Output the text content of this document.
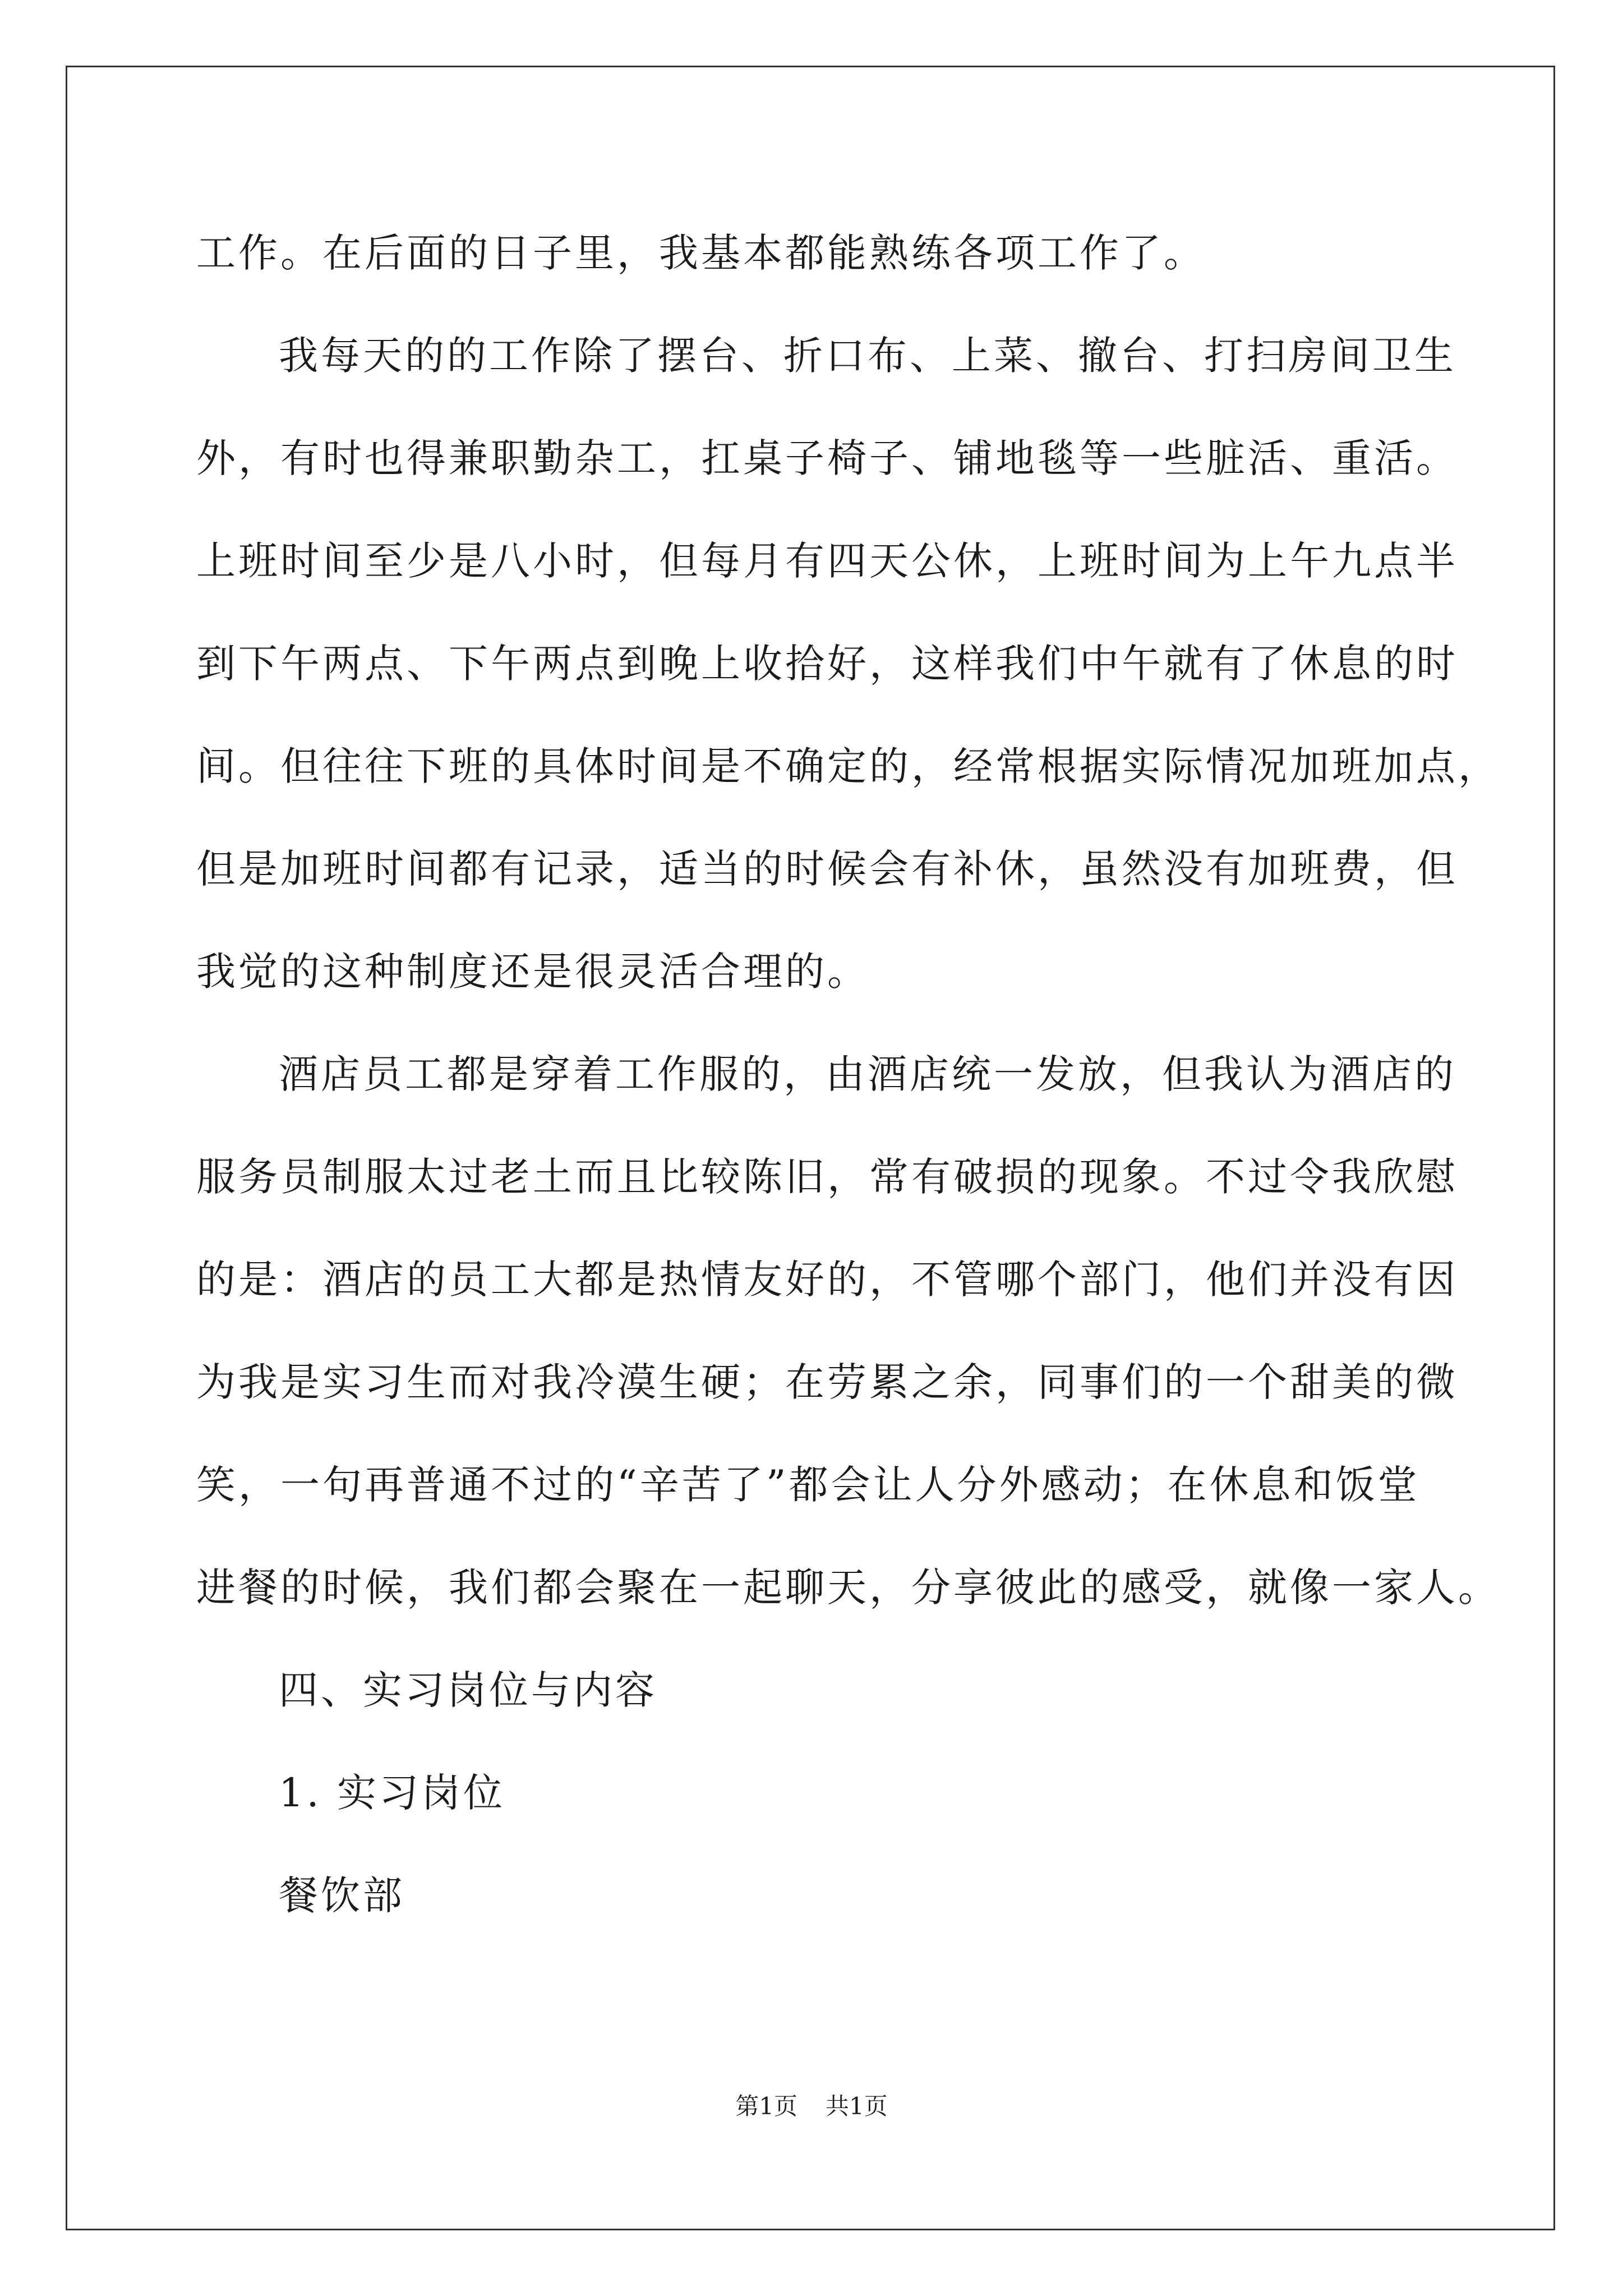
工作。在后面的日子里，我基本都能熟练各项工作了。
我每天的的工作除了摆台、折口布、上菜、撤台、打扫房间卫生
外，有时也得兼职勤杂工，扛桌子椅子、铺地毯等一些脏活、重活。
上班时间至少是八小时，但每月有四天公休，上班时间为上午九点半
到下午两点、下午两点到晚上收拾好，这样我们中午就有了休息的时
间。但往往下班的具体时间是不确定的，经常根据实际情况加班加点，
但是加班时间都有记录，适当的时候会有补休，虽然没有加班费，但
我觉的这种制度还是很灵活合理的。
酒店员工都是穿着工作服的，由酒店统一发放，但我认为酒店的
服务员制服太过老土而且比较陈旧，常有破损的现象。不过令我欣慰
的是：酒店的员工大都是热情友好的，不管哪个部门，他们并没有因
为我是实习生而对我冷漠生硬；在劳累之余，同事们的一个甜美的微
笑，一句再普通不过的“辛苦了”都会让人分外感动；在休息和饭堂
进餐的时候，我们都会聚在一起聊天，分享彼此的感受，就像一家人。
四、实习岗位与内容
1. 实习岗位
餐饮部
第1页 共1页
